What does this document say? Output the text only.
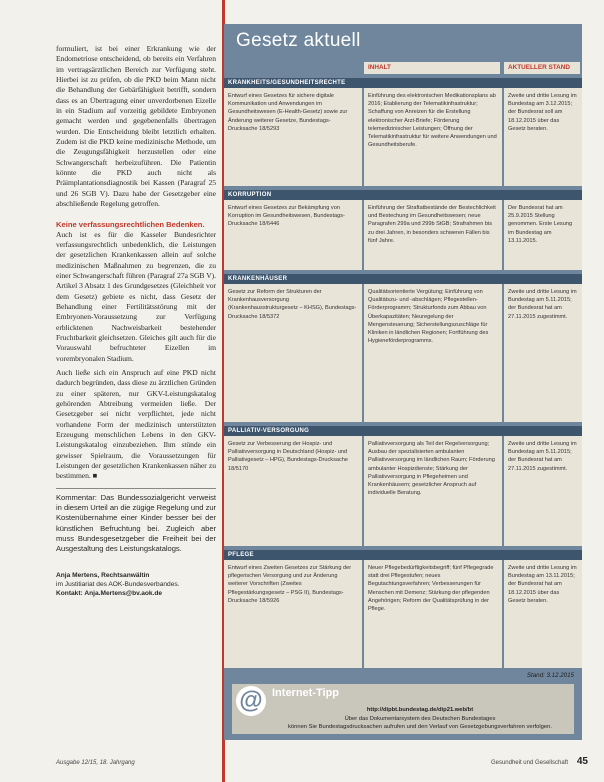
formuliert, ist bei einer Erkrankung wie der Endometriose entscheidend, ob bereits ein Verfahren im vertragsärztlichen Bereich zur Verfügung steht. Hierbei ist zu prüfen, ob die PKD beim Mann nicht die Behandlung der Gebärfähigkeit betrifft, sondern dass es an Übertragung einer unverdorbenen Eizelle in ein Stadium auf vorzeitig gebildete Embryonen gemacht werden und gegebenenfalls übertragen wurden. Die Entscheidung bleibt letztlich erhalten. Zudem ist die PKD keine medizinische Methode, um die Zeugungsfähigkeit herzustellen oder eine Schwangerschaft herbeizuführen. Die Patientin könnte die PKD auch nicht als Präimplantationsdiagnostik bei Kassen (Paragraf 25 und 26 SGB V). Dazu habe der Gesetzgeber eine abschließende Regelung getroffen.

Keine verfassungsrechtlichen Bedenken.

Auch ist es für die Kasseler Bundesrichter verfassungsrechtlich unbedenklich, die Leistungen der gesetzlichen Krankenkassen allein auf solche medizinischen Maßnahmen zu begrenzen, die zu einer Schwangerschaft führen (Paragraf 27a SGB V). Artikel 3 Absatz 1 des Grundgesetzes (Gleichheit vor dem Gesetz) gebiete es nicht, dass Gesetz der Behandlung einer Fertilitätsstörung mit der Embryonen-Voraussetzung zur Verfügung erblicktenen Nachweisbarkeit bestehender Fruchtbarkeit gleichsetzen. Gleiches gilt auch für die Vorauswahl befruchteter Eizellen im vorembryonalen Stadium.

Auch ließe sich ein Anspruch auf eine PKD nicht dadurch begründen, dass diese zu ärztlichen Gründen zu einer späteren, nur GKV-Leistungskatalog gehörenden Abtreibung vermeiden ließe. Der Gesetzgeber sei nicht verpflichtet, jede nicht vorhandene Form der medizinisch unterstützten Erzeugung menschlichen Lebens in den GKV-Leistungskatalog einzubeziehen. Ihm stünde ein gewisser Spielraum, die Voraussetzungen für Leistungen der gesetzlichen Krankenkassen näher zu bestimmen. ■

Kommentar: Das Bundessozialgericht verweist in diesem Urteil an die zügige Regelung und zur Kostenübernahme einer Kinder besser bei der künstlichen Befruchtung bei. Zugleich aber muss Bundesgesetzgeber die Freiheit bei der Ausgestaltung des Leistungskatalogs.

Anja Mertens, Rechtsanwältin
im Justitiariat des AOK-Bundesverbandes.
Kontakt: Anja.Mertens@bv.aok.de
Gesetz aktuell
INHALT	AKTUELLER STAND
KRANKHEITS/GESUNDHEITSRECHTE
Entwurf eines Gesetzes für sichere digitale Kommunikation und Anwendungen im Gesundheitswesen (E-Health-Gesetz) sowie zur Änderung weiterer Gesetze, Bundestags-Drucksache 18/5293
Einführung des elektronischen Medikationsplans ab 2016; Etablierung der Telematikinfrastruktur; Schaffung von Anreizen für die Erstellung elektronischer Arzt-Briefe; Förderung telemedizinischer Leistungen; Öffnung der Telematikinfrastruktur für weitere Anwendungen und Gesundheitsberufe.
Zweite und dritte Lesung im Bundestag am 3.12.2015; der Bundesrat soll am 18.12.2015 über das Gesetz beraten.
KORRUPTION
Entwurf eines Gesetzes zur Bekämpfung von Korruption im Gesundheitswesen, Bundestags-Drucksache 18/6446
Einführung der Straftatbestände der Bestechlichkeit und Bestechung im Gesundheitswesen; neue Paragrafen 299a und 299b StGB; Strafrahmen bis zu drei Jahren, in besonders schweren Fällen bis fünf Jahre.
Der Bundesrat hat am 25.9.2015 Stellung genommen. Erste Lesung im Bundestag am 13.11.2015.
KRANKENHÄUSER
Gesetz zur Reform der Strukturen der Krankenhausversorgung (Krankenhausstrukturgesetz – KHSG), Bundestags-Drucksache 18/5372
Qualitätsorientierte Vergütung; Einführung von Qualitätszu- und -abschlägen; Pflegestellen-Förderprogramm; Strukturfonds zum Abbau von Überkapazitäten; Neuregelung der Mengensteuerung; Sicherstellungszuschläge für Kliniken in ländlichen Regionen; Fortführung des Hygieneförderprogramms.
Zweite und dritte Lesung im Bundestag am 5.11.2015; der Bundesrat hat am 27.11.2015 zugestimmt.
PALLIATIV-VERSORGUNG
Gesetz zur Verbesserung der Hospiz- und Palliativversorgung in Deutschland (Hospiz- und Palliativgesetz – HPG), Bundestags-Drucksache 18/5170
Palliativversorgung als Teil der Regelversorgung; Ausbau der spezialisierten ambulanten Palliativversorgung im ländlichen Raum; Förderung ambulanter Hospizdienste; Stärkung der Palliativversorgung in Pflegeheimen und Krankenhäusern; gesetzlicher Anspruch auf individuelle Beratung.
Zweite und dritte Lesung im Bundestag am 5.11.2015; der Bundesrat hat am 27.11.2015 zugestimmt.
PFLEGE
Entwurf eines Zweiten Gesetzes zur Stärkung der pflegerischen Versorgung und zur Änderung weiterer Vorschriften (Zweites Pflegestärkungsgesetz – PSG II), Bundestags-Drucksache 18/5926
Neuer Pflegebedürftigkeitsbegriff; fünf Pflegegrade statt drei Pflegestufen; neues Begutachtungsverfahren; Verbesserungen für Menschen mit Demenz; Stärkung der pflegenden Angehörigen; Reform der Qualitätsprüfung in der Pflege.
Zweite und dritte Lesung im Bundestag am 13.11.2015; der Bundesrat hat am 18.12.2015 über das Gesetz beraten.
Stand: 3.12.2015
@ Internet-Tipp
http://dipbt.bundestag.de/dip21.web/bt
Über das Dokumentarsystem des Deutschen Bundestages
können Sie Bundestagsdrucksachen aufrufen und den Verlauf von Gesetzgebungsverfahren verfolgen.
Ausgabe 12/15, 18. Jahrgang	Gesundheit und Gesellschaft 45
